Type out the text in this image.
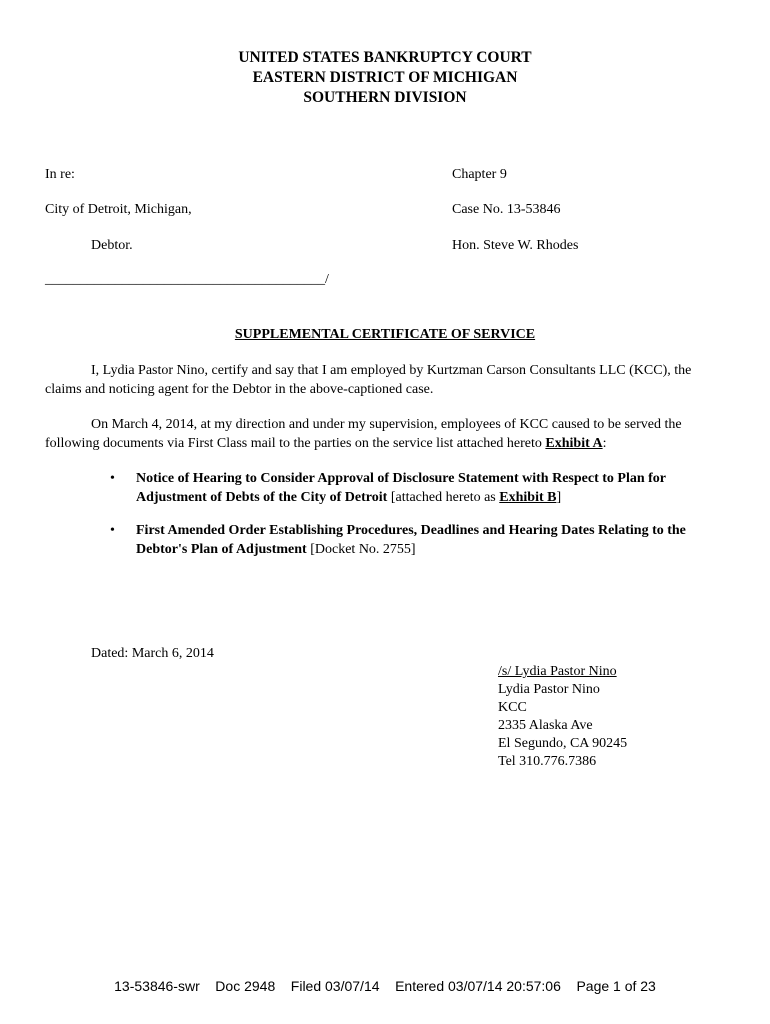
UNITED STATES BANKRUPTCY COURT
EASTERN DISTRICT OF MICHIGAN
SOUTHERN DIVISION
In re:
City of Detroit, Michigan,
Debtor.
________________________________________/
Chapter 9
Case No. 13-53846
Hon. Steve W. Rhodes
SUPPLEMENTAL CERTIFICATE OF SERVICE
I, Lydia Pastor Nino, certify and say that I am employed by Kurtzman Carson Consultants LLC (KCC), the claims and noticing agent for the Debtor in the above-captioned case.
On March 4, 2014, at my direction and under my supervision, employees of KCC caused to be served the following documents via First Class mail to the parties on the service list attached hereto Exhibit A:
• Notice of Hearing to Consider Approval of Disclosure Statement with Respect to Plan for Adjustment of Debts of the City of Detroit [attached hereto as Exhibit B]
• First Amended Order Establishing Procedures, Deadlines and Hearing Dates Relating to the Debtor's Plan of Adjustment [Docket No. 2755]
Dated: March 6, 2014
/s/ Lydia Pastor Nino
Lydia Pastor Nino
KCC
2335 Alaska Ave
El Segundo, CA 90245
Tel 310.776.7386
13-53846-swr    Doc 2948    Filed 03/07/14    Entered 03/07/14 20:57:06    Page 1 of 23
